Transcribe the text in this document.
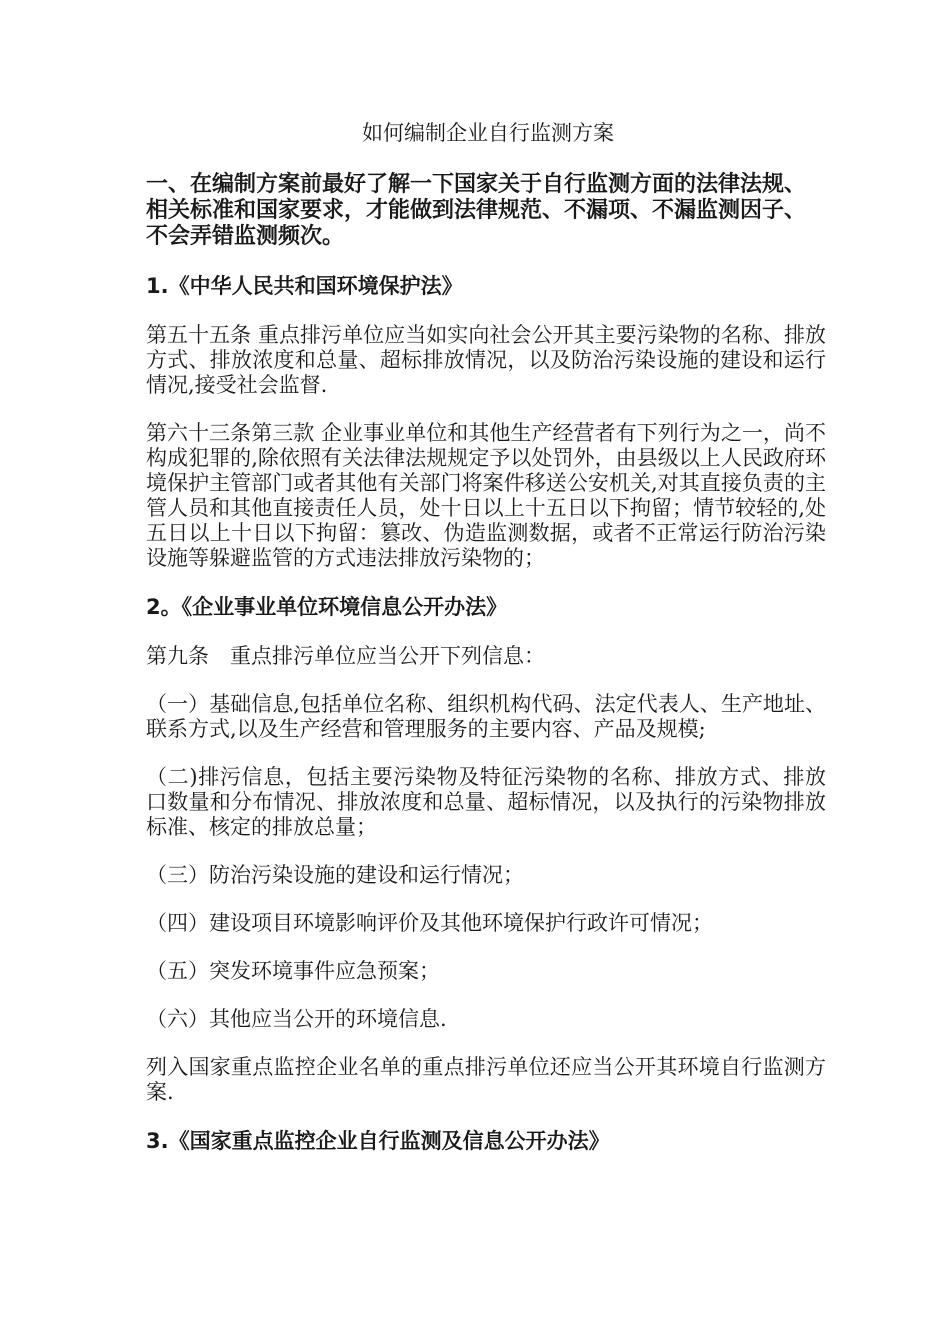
如何编制企业自行监测方案
一、在编制方案前最好了解一下国家关于自行监测方面的法律法规、相关标准和国家要求，才能做到法律规范、不漏项、不漏监测因子、不会弄错监测频次。
1.《中华人民共和国环境保护法》
第五十五条 重点排污单位应当如实向社会公开其主要污染物的名称、排放方式、排放浓度和总量、超标排放情况，以及防治污染设施的建设和运行情况,接受社会监督.
第六十三条第三款 企业事业单位和其他生产经营者有下列行为之一，尚不构成犯罪的,除依照有关法律法规规定予以处罚外，由县级以上人民政府环境保护主管部门或者其他有关部门将案件移送公安机关,对其直接负责的主管人员和其他直接责任人员，处十日以上十五日以下拘留；情节较轻的,处五日以上十日以下拘留：篡改、伪造监测数据，或者不正常运行防治污染设施等躲避监管的方式违法排放污染物的；
2。《企业事业单位环境信息公开办法》
第九条　重点排污单位应当公开下列信息：
（一）基础信息,包括单位名称、组织机构代码、法定代表人、生产地址、联系方式,以及生产经营和管理服务的主要内容、产品及规模;
（二)排污信息，包括主要污染物及特征污染物的名称、排放方式、排放口数量和分布情况、排放浓度和总量、超标情况，以及执行的污染物排放标准、核定的排放总量；
（三）防治污染设施的建设和运行情况；
（四）建设项目环境影响评价及其他环境保护行政许可情况；
（五）突发环境事件应急预案；
（六）其他应当公开的环境信息.
列入国家重点监控企业名单的重点排污单位还应当公开其环境自行监测方案.
3.《国家重点监控企业自行监测及信息公开办法》
